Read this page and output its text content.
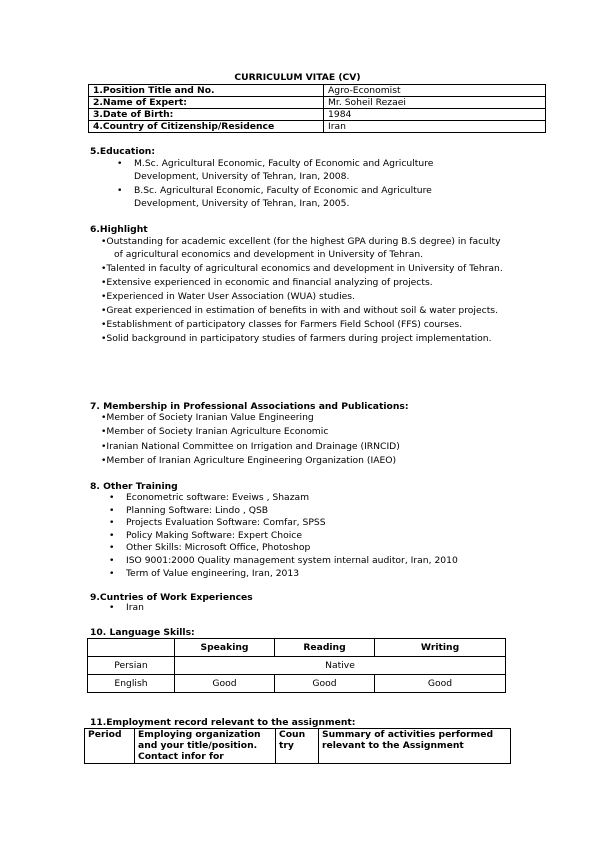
CURRICULUM VITAE (CV)
1.Position Title and No.	Agro-Economist
2.Name of Expert:	Mr. Soheil Rezaei
3.Date of Birth:	1984
4.Country of Citizenship/Residence	Iran
5.Education:
• M.Sc. Agricultural Economic, Faculty of Economic and Agriculture Development, University of Tehran, Iran, 2008.
• B.Sc. Agricultural Economic, Faculty of Economic and Agriculture Development, University of Tehran, Iran, 2005.
6.Highlight
• Outstanding for academic excellent (for the highest GPA during B.S degree) in faculty of agricultural economics and development in University of Tehran.
• Talented in faculty of agricultural economics and development in University of Tehran.
• Extensive experienced in economic and financial analyzing of projects.
• Experienced in Water User Association (WUA) studies.
• Great experienced in estimation of benefits in with and without soil & water projects.
• Establishment of participatory classes for Farmers Field School (FFS) courses.
• Solid background in participatory studies of farmers during project implementation.
7. Membership in Professional Associations and Publications:
• Member of Society Iranian Value Engineering
• Member of Society Iranian Agriculture Economic
• Iranian National Committee on Irrigation and Drainage (IRNCID)
• Member of Iranian Agriculture Engineering Organization (IAEO)
8. Other Training
• Econometric software: Eveiws , Shazam
• Planning Software: Lindo , QSB
• Projects Evaluation Software: Comfar, SPSS
• Policy Making Software: Expert Choice
• Other Skills: Microsoft Office, Photoshop
• ISO 9001:2000 Quality management system internal auditor, Iran, 2010
• Term of Value engineering, Iran, 2013
9.Cuntries of Work Experiences
• Iran
10. Language Skills:
	Speaking	Reading	Writing
Persian	Native		
English	Good	Good	Good
11.Employment record relevant to the assignment:
Period	Employing organization and your title/position. Contact infor for	Coun try	Summary of activities performed relevant to the Assignment
